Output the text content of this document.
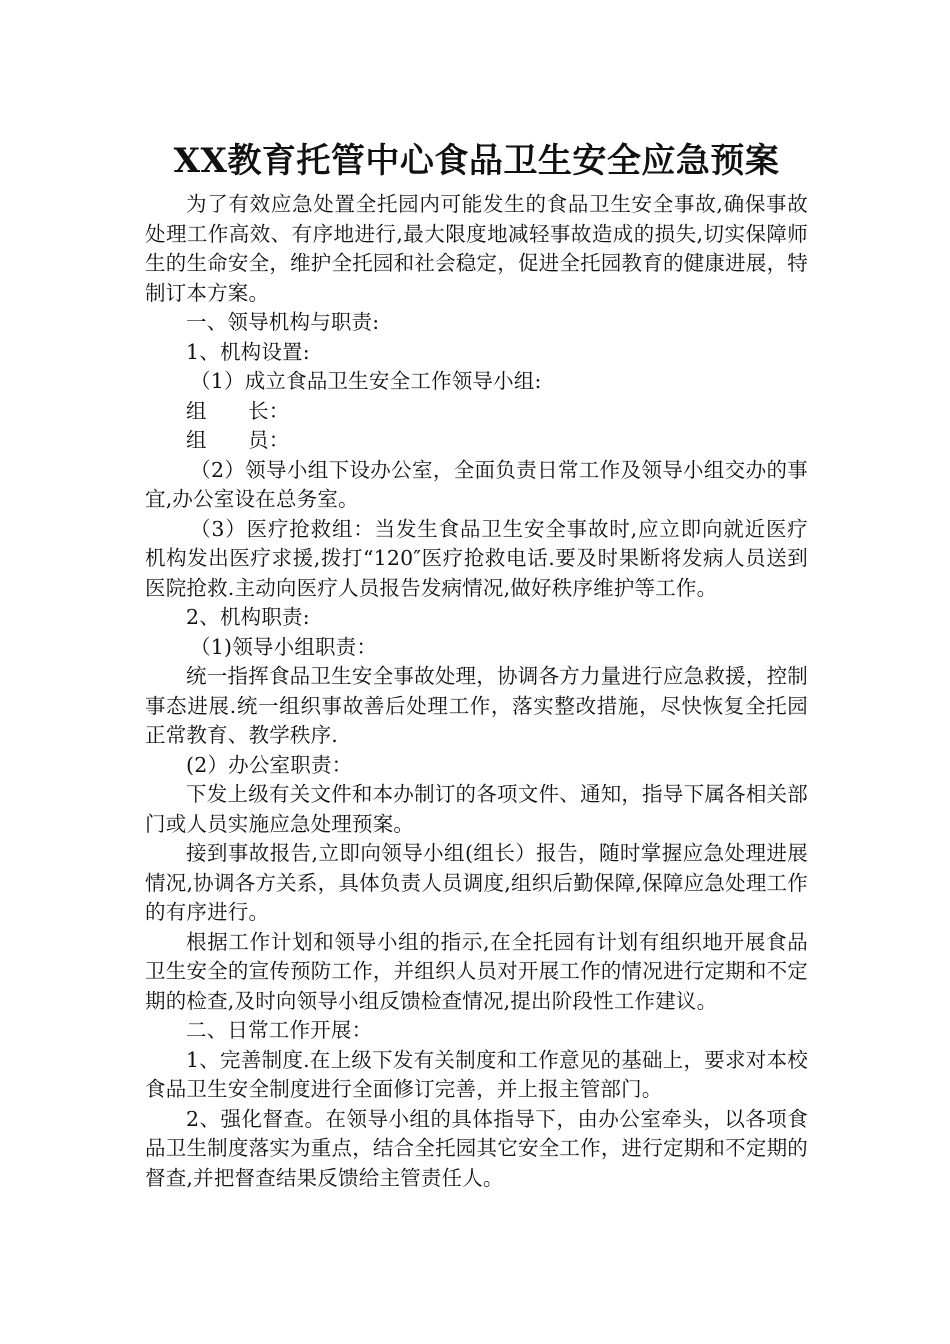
XX教育托管中心食品卫生安全应急预案

为了有效应急处置全托园内可能发生的食品卫生安全事故,确保事故处理工作高效、有序地进行,最大限度地减轻事故造成的损失,切实保障师生的生命安全，维护全托园和社会稳定，促进全托园教育的健康进展，特制订本方案。

一、领导机构与职责:

1、机构设置:

（1）成立食品卫生安全工作领导小组:

组　　长：

组　　员：

（2）领导小组下设办公室，全面负责日常工作及领导小组交办的事宜,办公室设在总务室。

（3）医疗抢救组：当发生食品卫生安全事故时,应立即向就近医疗机构发出医疗求援,拨打“120″医疗抢救电话.要及时果断将发病人员送到医院抢救.主动向医疗人员报告发病情况,做好秩序维护等工作。

2、机构职责:

（1)领导小组职责：

统一指挥食品卫生安全事故处理，协调各方力量进行应急救援，控制事态进展.统一组织事故善后处理工作，落实整改措施，尽快恢复全托园正常教育、教学秩序.

(2）办公室职责：

下发上级有关文件和本办制订的各项文件、通知，指导下属各相关部门或人员实施应急处理预案。

接到事故报告,立即向领导小组(组长）报告，随时掌握应急处理进展情况,协调各方关系，具体负责人员调度,组织后勤保障,保障应急处理工作的有序进行。

根据工作计划和领导小组的指示,在全托园有计划有组织地开展食品卫生安全的宣传预防工作，并组织人员对开展工作的情况进行定期和不定期的检查,及时向领导小组反馈检查情况,提出阶段性工作建议。

二、日常工作开展：

1、完善制度.在上级下发有关制度和工作意见的基础上，要求对本校食品卫生安全制度进行全面修订完善，并上报主管部门。

2、强化督查。在领导小组的具体指导下，由办公室牵头，以各项食品卫生制度落实为重点，结合全托园其它安全工作，进行定期和不定期的督查,并把督查结果反馈给主管责任人。
